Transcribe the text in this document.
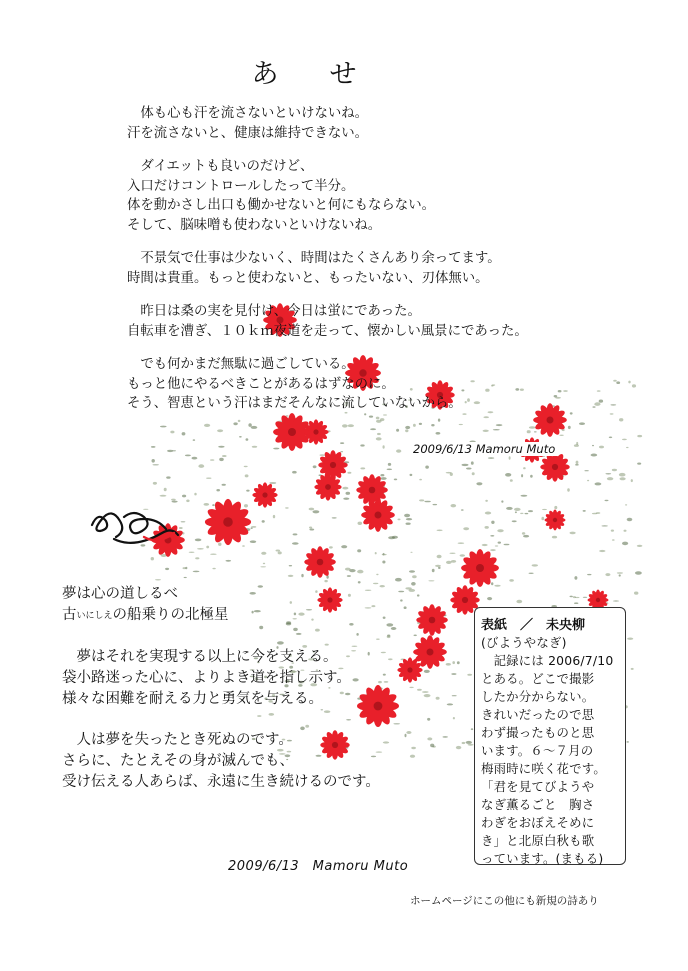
あ　せ

　体も心も汗を流さないといけないね。
汗を流さないと、健康は維持できない。

　ダイエットも良いのだけど、
入口だけコントロールしたって半分。
体を動かさし出口も働かせないと何にもならない。
そして、脳味噌も使わないといけないね。

　不景気で仕事は少ないく、時間はたくさんあり余ってます。
時間は貴重。もっと使わないと、もったいない、刃体無い。

　昨日は桑の実を見付け、今日は蛍にであった。
自転車を漕ぎ、１０ｋｍ夜道を走って、懐かしい風景にであった。

　でも何かまだ無駄に過ごしている。
もっと他にやるべきことがあるはずなのに。
そう、智恵という汗はまだそんなに流していないから。

2009/6/13 Mamoru Muto
夢は心の道しるべ
古いにしえの船乗りの北極星
　夢はそれを実現する以上に今を支える。
袋小路迷った心に、よりよき道を指し示す。
様々な困難を耐える力と勇気を与える。
　人は夢を失ったとき死ぬのです。
さらに、たとえその身が滅んでも、
受け伝える人あらば、永遠に生き続けるのです。
2009/6/13　Mamoru Muto
表紙　／　未央柳
(びようやなぎ)
　記録には 2006/7/10
とある。どこで撮影
したか分からない。
きれいだったので思
わず撮ったものと思
います。６～７月の
梅雨時に咲く花です。
「君を見てびようや
なぎ薫るごと　胸さ
わぎをおぼえそめに
き」と北原白秋も歌
っています。(まもる)
ホームページにこの他にも新規の詩あり
